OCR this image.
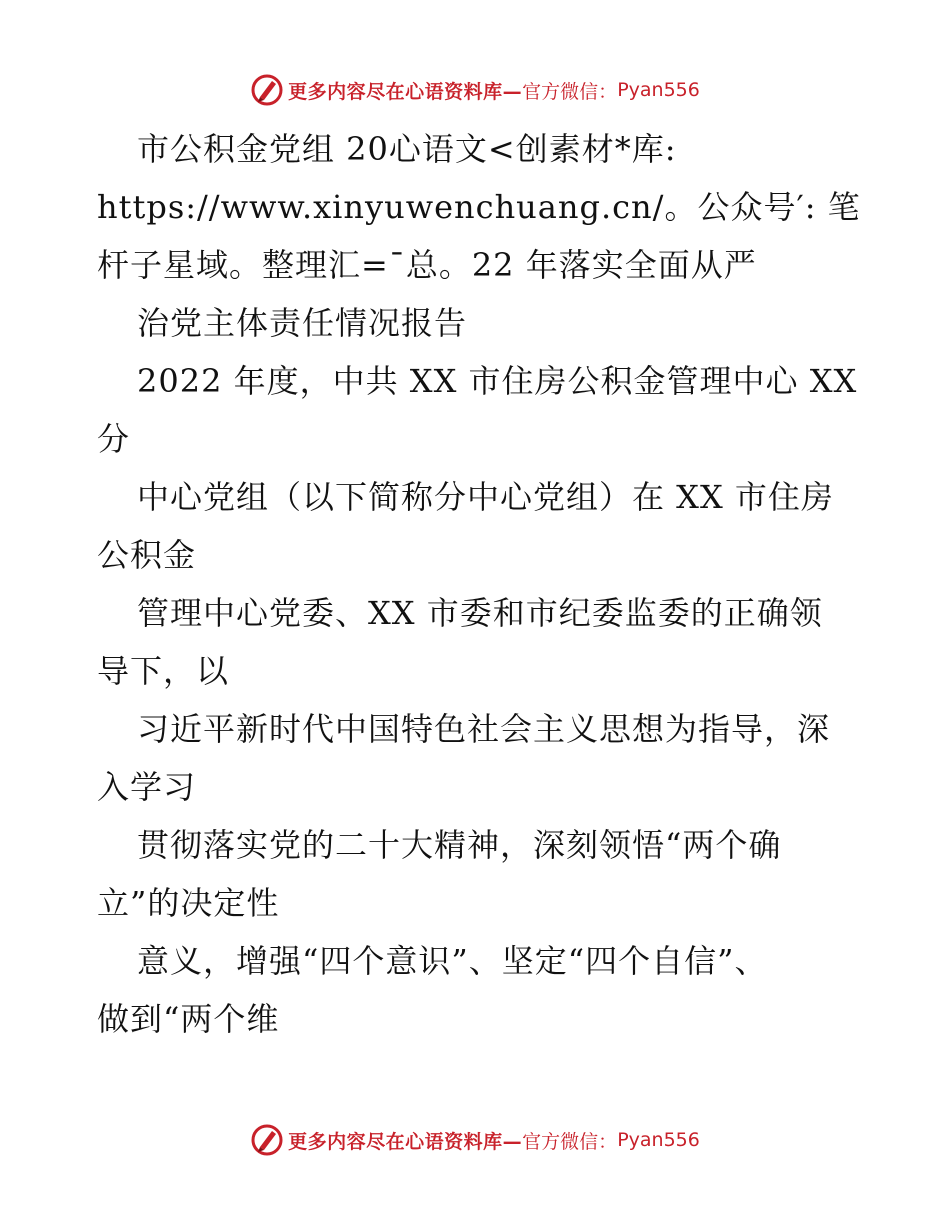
更多内容尽在心语资料库— 官方微信： Pyan556
市公积金党组 20心语文<创素材*库:
https://www.xinyuwenchuang.cn/。公众号′: 笔
杆子星域。整理汇=¯总。22 年落实全面从严
治党主体责任情况报告
2022 年度，中共 XX 市住房公积金管理中心 XX
分
中心党组（以下简称分中心党组）在 XX 市住房
公积金
管理中心党委、XX 市委和市纪委监委的正确领
导下，以
习近平新时代中国特色社会主义思想为指导，深
入学习
贯彻落实党的二十大精神，深刻领悟“两个确
立”的决定性
意义，增强“四个意识”、坚定“四个自信”、
做到“两个维
更多内容尽在心语资料库— 官方微信： Pyan556
